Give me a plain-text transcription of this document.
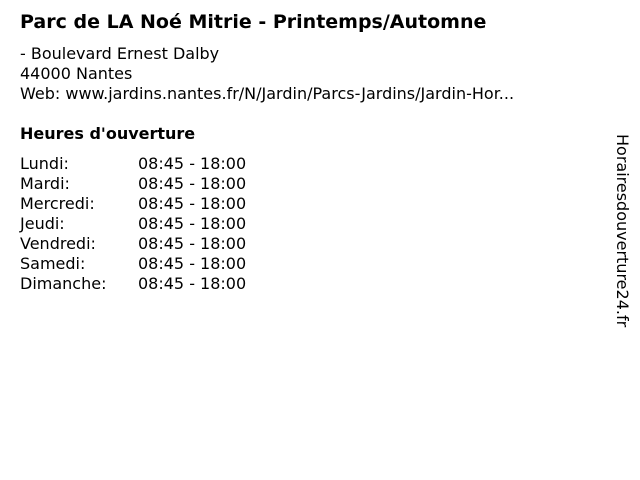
Parc de LA Noé Mitrie - Printemps/Automne
- Boulevard Ernest Dalby
44000 Nantes
Web: www.jardins.nantes.fr/N/Jardin/Parcs-Jardins/Jardin-Hor...
Heures d'ouverture
Lundi:	08:45 - 18:00
Mardi:	08:45 - 18:00
Mercredi:	08:45 - 18:00
Jeudi:	08:45 - 18:00
Vendredi:	08:45 - 18:00
Samedi:	08:45 - 18:00
Dimanche:	08:45 - 18:00	Horairesdouverture24.fr
